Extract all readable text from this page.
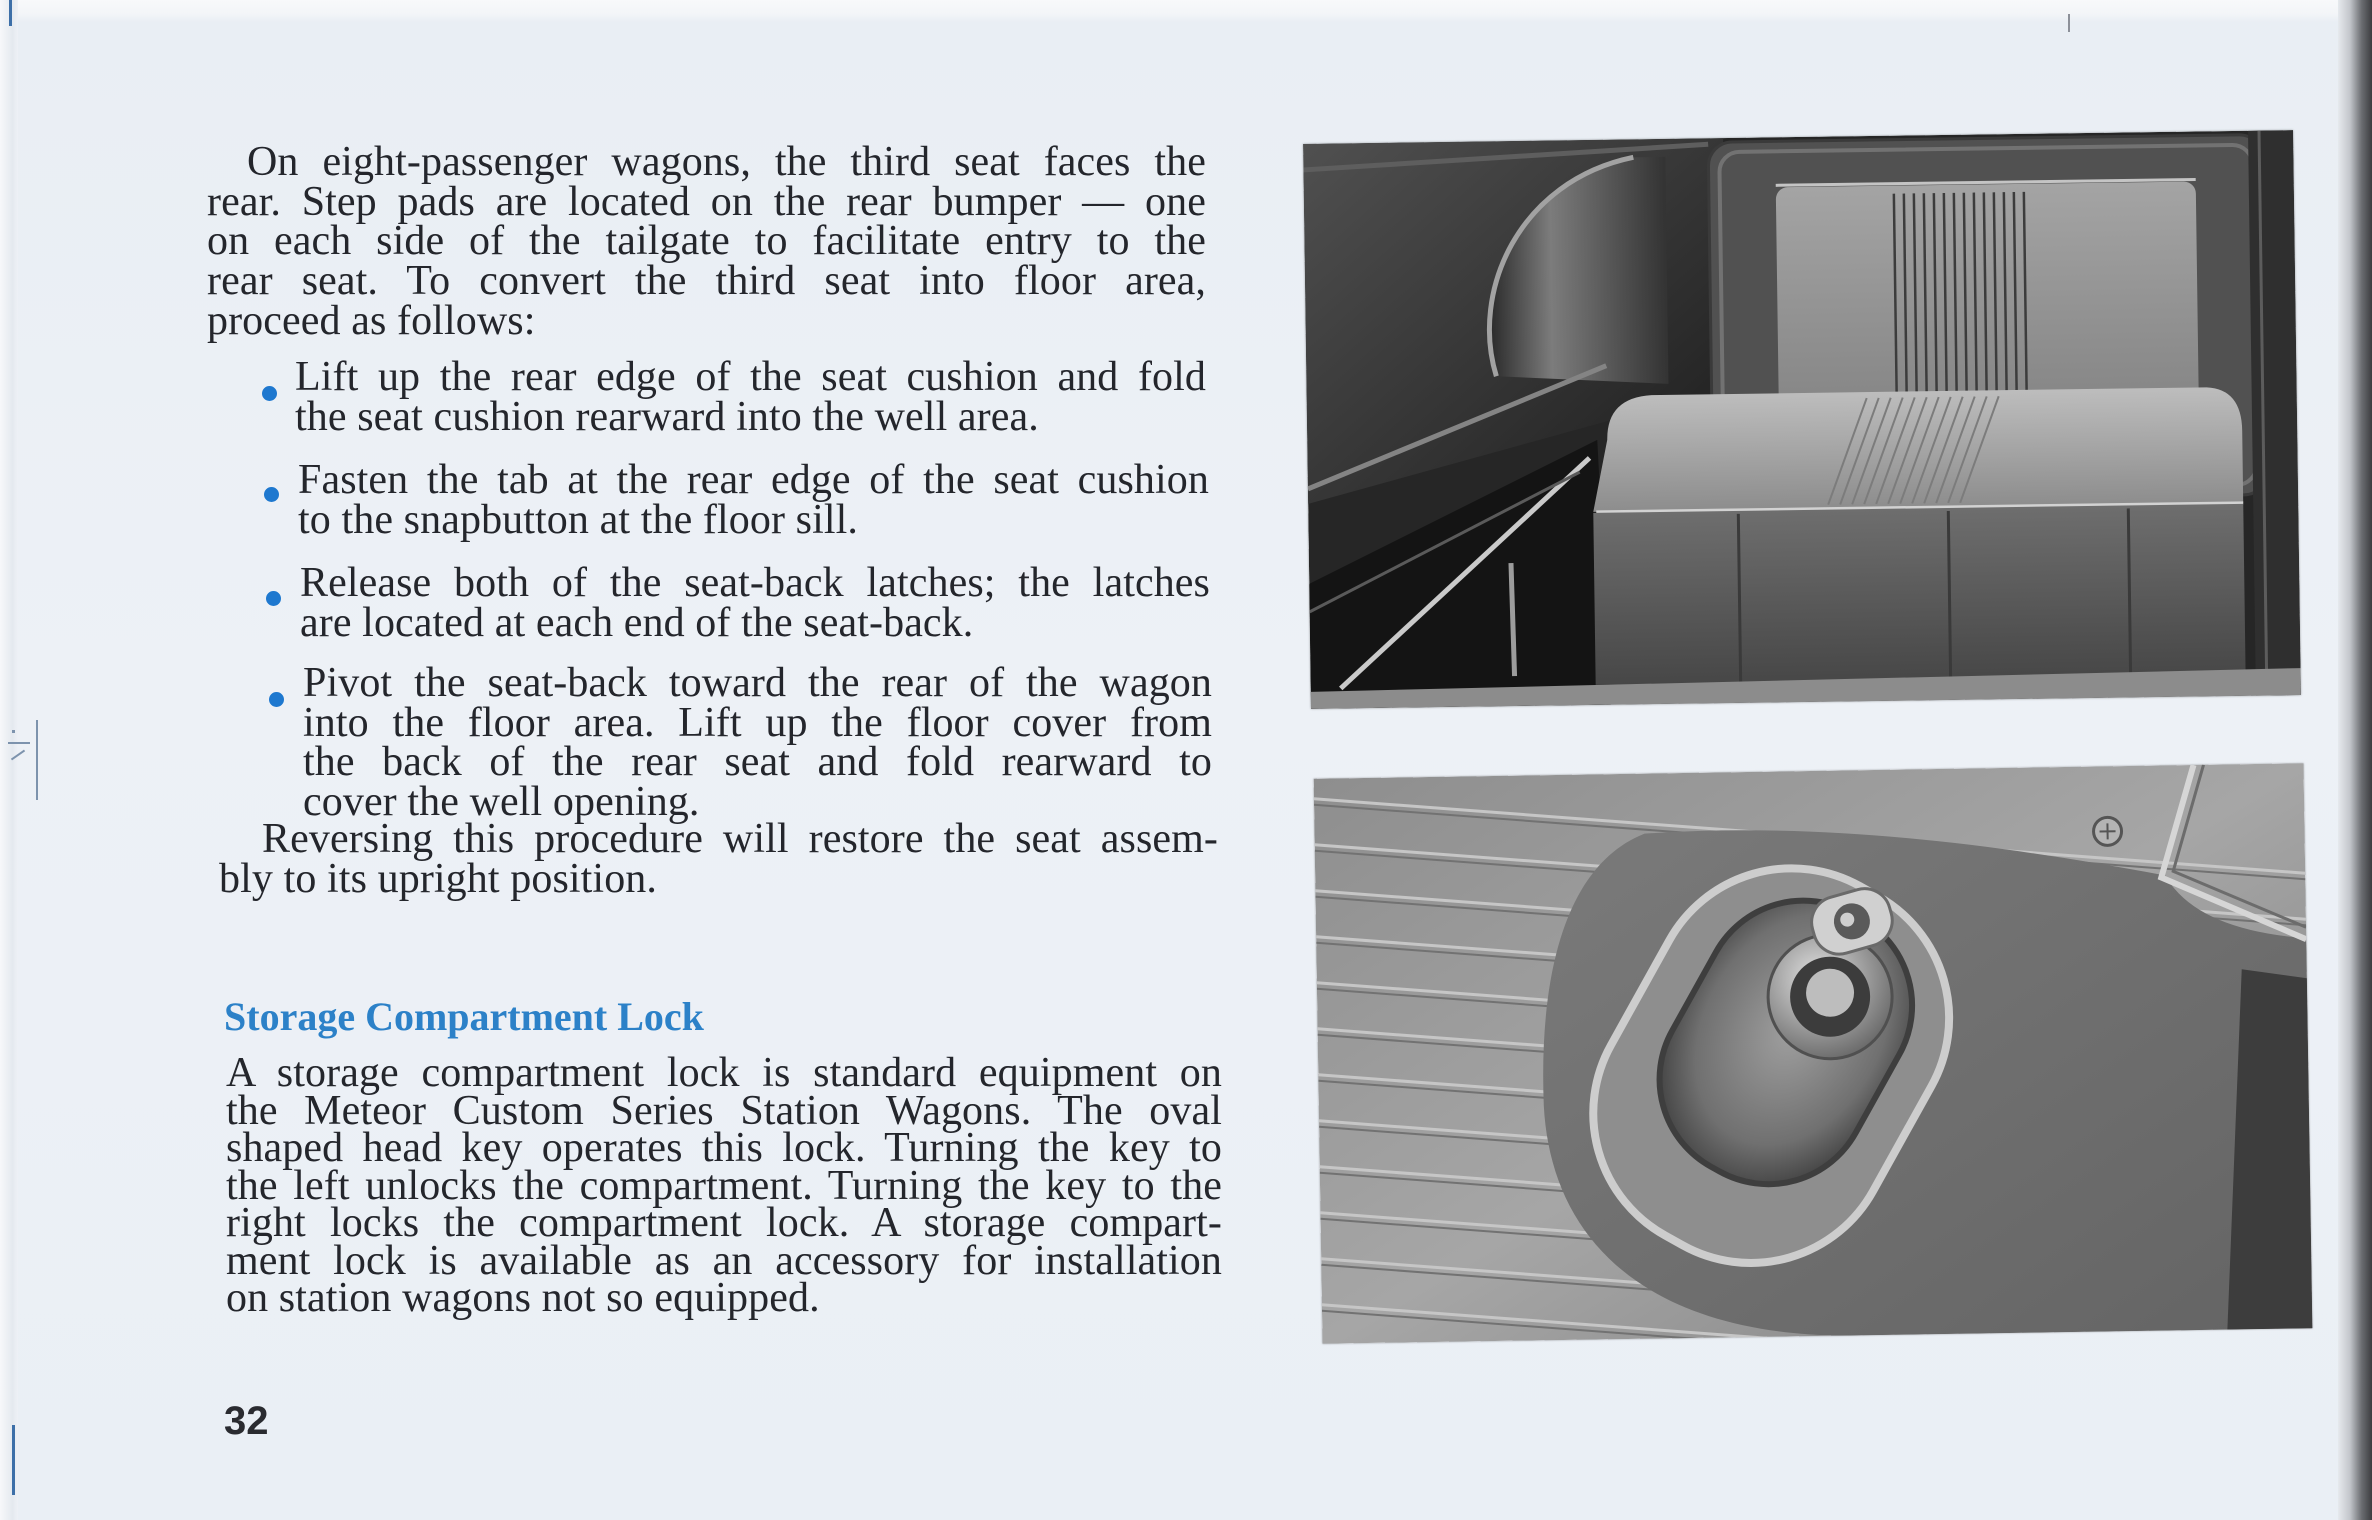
On eight-passenger wagons, the third seat faces the
rear. Step pads are located on the rear bumper — one
on each side of the tailgate to facilitate entry to the
rear seat. To convert the third seat into floor area,
proceed as follows:
Lift up the rear edge of the seat cushion and fold
the seat cushion rearward into the well area.
Fasten the tab at the rear edge of the seat cushion
to the snapbutton at the floor sill.
Release both of the seat-back latches; the latches
are located at each end of the seat-back.
Pivot the seat-back toward the rear of the wagon
into the floor area. Lift up the floor cover from
the back of the rear seat and fold rearward to
cover the well opening.
Reversing this procedure will restore the seat assem-
bly to its upright position.
Storage Compartment Lock
A storage compartment lock is standard equipment on
the Meteor Custom Series Station Wagons. The oval
shaped head key operates this lock. Turning the key to
the left unlocks the compartment. Turning the key to the
right locks the compartment lock. A storage compart-
ment lock is available as an accessory for installation
on station wagons not so equipped.
32
